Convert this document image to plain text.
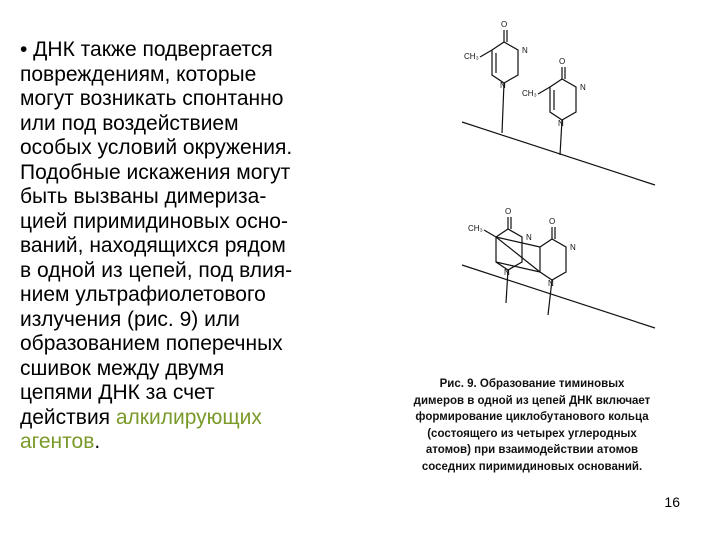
• ДНК также подвергается
повреждениям, которые
могут возникать спонтанно
или под воздействием
особых условий окружения.
Подобные искажения могут
быть вызваны димериза-
цией пиримидиновых осно-
ваний, находящихся рядом
в одной из цепей, под влия-
нием ультрафиолетового
излучения (рис. 9) или
образованием поперечных
сшивок между двумя
цепями ДНК за счет
действия алкилирующих
агентов.
O
N
N
CH₃
O
N
N
CH₃
O
N
N
CH₃
O
N
N
Рис. 9. Образование тиминовых
димеров в одной из цепей ДНК включает
формирование циклобутанового кольца
(состоящего из четырех углеродных
атомов) при взаимодействии атомов
соседних пиримидиновых оснований.
16
